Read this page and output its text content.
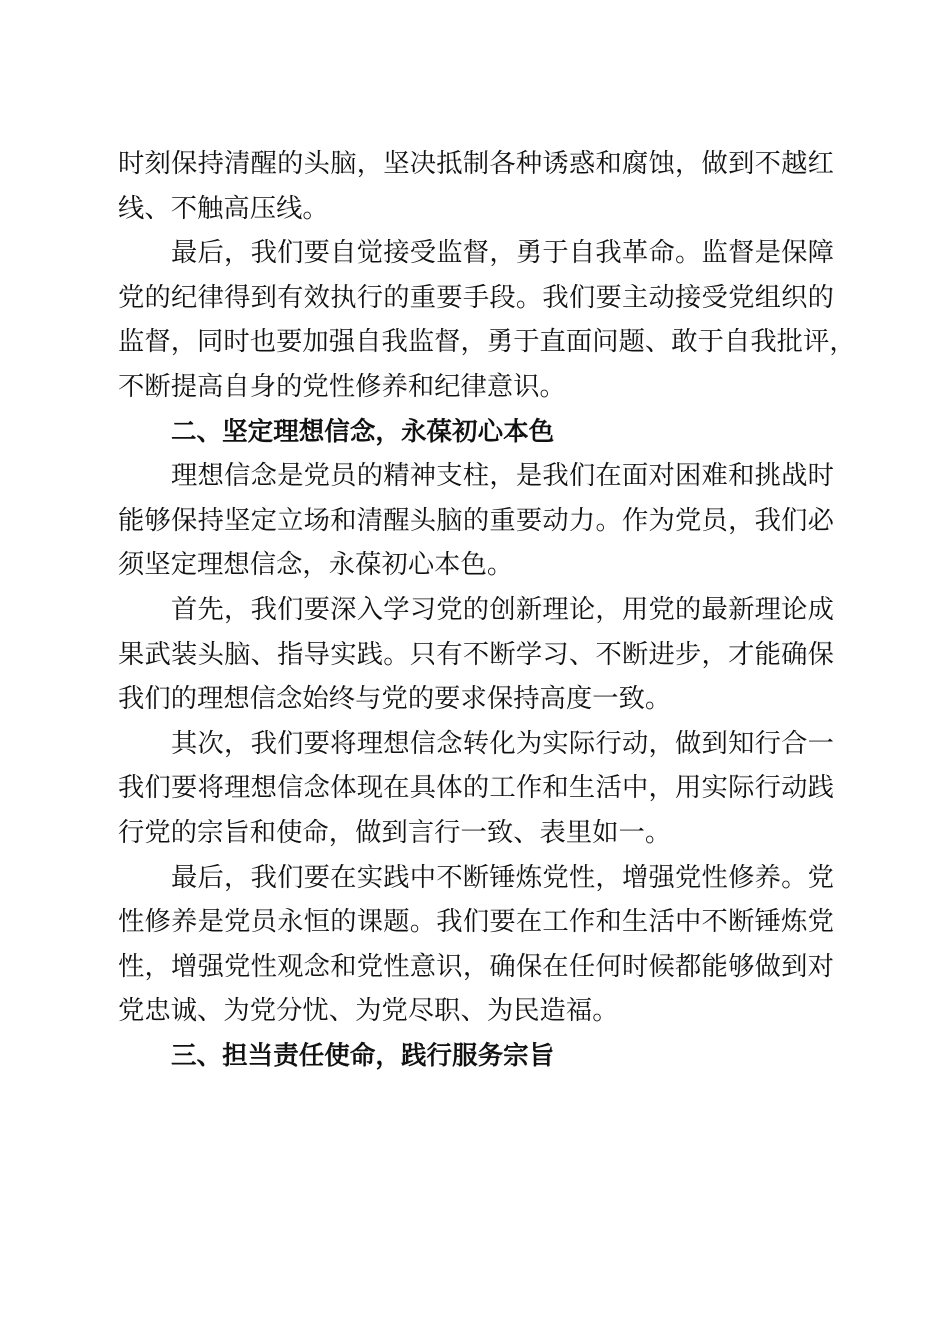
时刻保持清醒的头脑，坚决抵制各种诱惑和腐蚀，做到不越红
线、不触高压线。
最后，我们要自觉接受监督，勇于自我革命。监督是保障
党的纪律得到有效执行的重要手段。我们要主动接受党组织的
监督，同时也要加强自我监督，勇于直面问题、敢于自我批评，
不断提高自身的党性修养和纪律意识。
二、坚定理想信念，永葆初心本色
理想信念是党员的精神支柱，是我们在面对困难和挑战时
能够保持坚定立场和清醒头脑的重要动力。作为党员，我们必
须坚定理想信念，永葆初心本色。
首先，我们要深入学习党的创新理论，用党的最新理论成
果武装头脑、指导实践。只有不断学习、不断进步，才能确保
我们的理想信念始终与党的要求保持高度一致。
其次，我们要将理想信念转化为实际行动，做到知行合一
我们要将理想信念体现在具体的工作和生活中，用实际行动践
行党的宗旨和使命，做到言行一致、表里如一。
最后，我们要在实践中不断锤炼党性，增强党性修养。党
性修养是党员永恒的课题。我们要在工作和生活中不断锤炼党
性，增强党性观念和党性意识，确保在任何时候都能够做到对
党忠诚、为党分忧、为党尽职、为民造福。
三、担当责任使命，践行服务宗旨
